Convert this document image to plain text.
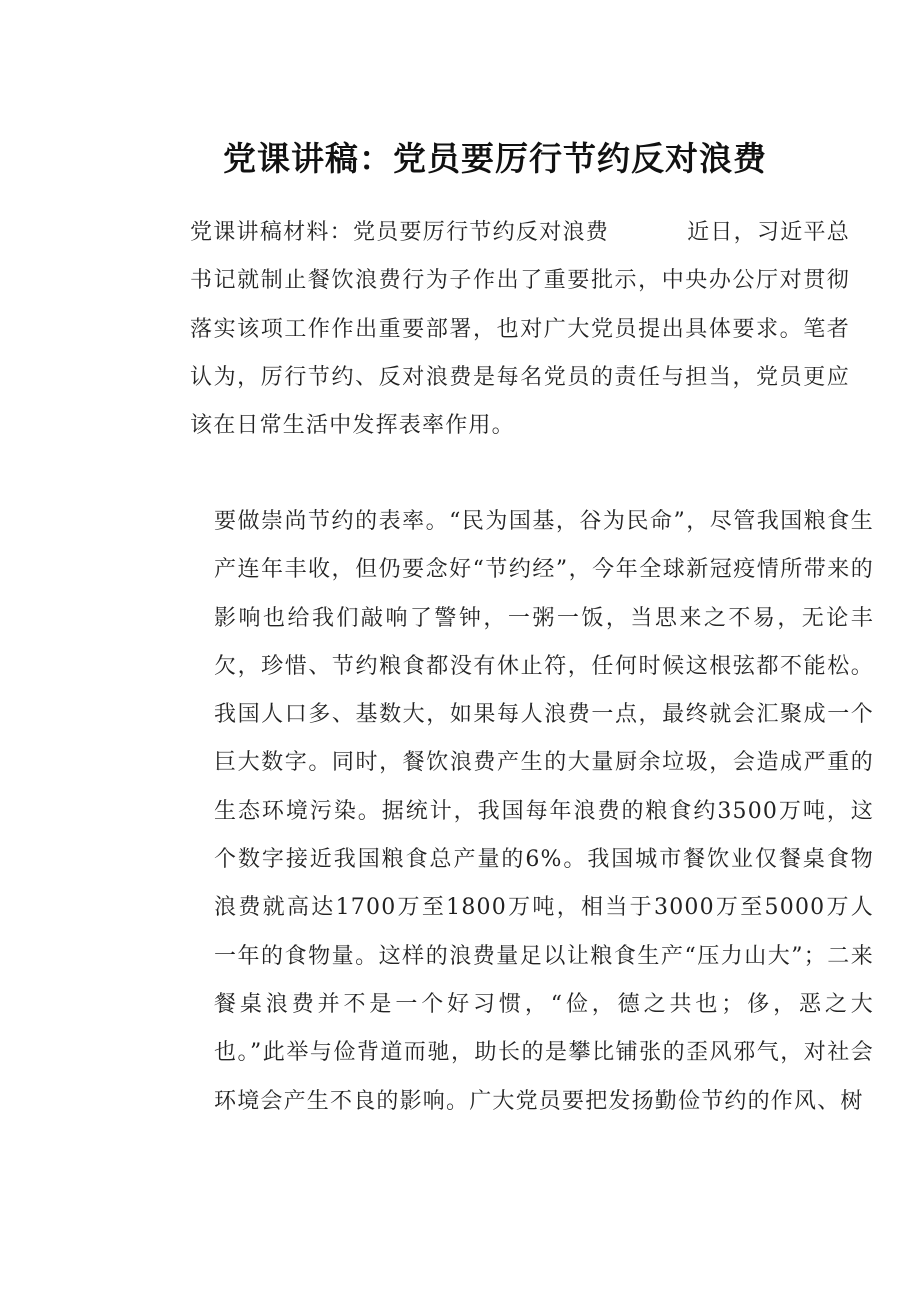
党课讲稿：党员要厉行节约反对浪费

党课讲稿材料：党员要厉行节约反对浪费	近日，习近平总书记就制止餐饮浪费行为子作出了重要批示，中央办公厅对贯彻落实该项工作作出重要部署，也对广大党员提出具体要求。笔者认为，厉行节约、反对浪费是每名党员的责任与担当，党员更应该在日常生活中发挥表率作用。

要做崇尚节约的表率。“民为国基，谷为民命”，尽管我国粮食生产连年丰收，但仍要念好“节约经”，今年全球新冠疫情所带来的影响也给我们敲响了警钟，一粥一饭，当思来之不易，无论丰欠，珍惜、节约粮食都没有休止符，任何时候这根弦都不能松。我国人口多、基数大，如果每人浪费一点，最终就会汇聚成一个巨大数字。同时，餐饮浪费产生的大量厨余垃圾，会造成严重的生态环境污染。据统计，我国每年浪费的粮食约3500万吨，这个数字接近我国粮食总产量的6%。我国城市餐饮业仅餐桌食物浪费就高达1700万至1800万吨，相当于3000万至5000万人一年的食物量。这样的浪费量足以让粮食生产“压力山大”；二来餐桌浪费并不是一个好习惯，“俭，德之共也；侈，恶之大也。”此举与俭背道而驰，助长的是攀比铺张的歪风邪气，对社会环境会产生不良的影响。广大党员要把发扬勤俭节约的作风、树
